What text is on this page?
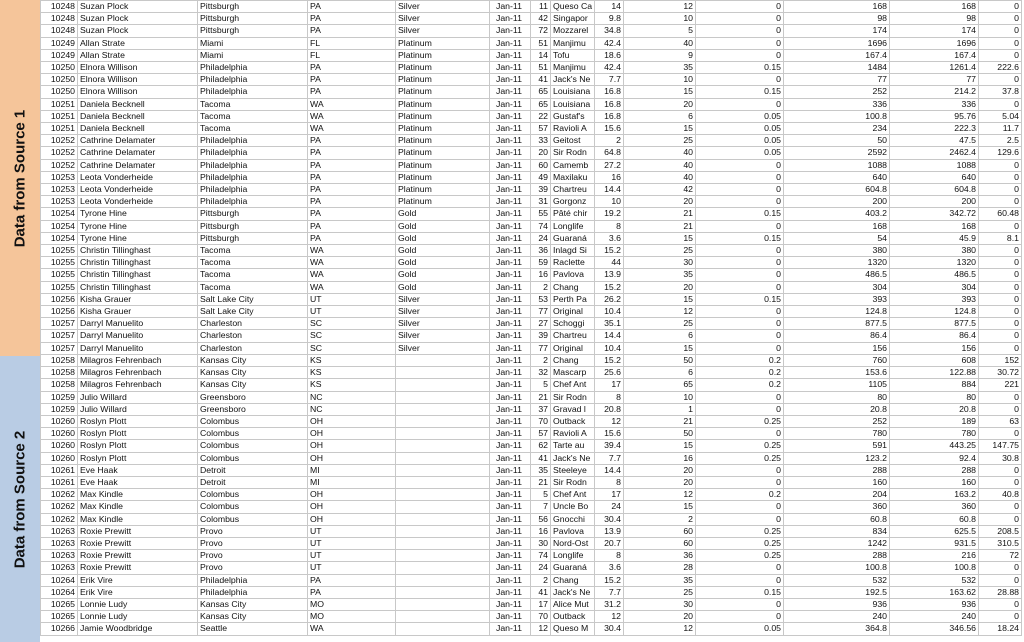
Data from Source 1
Data from Source 2
10248	Suzan Plock	Pittsburgh	PA	Silver	Jan-11	11	Queso Ca	14	12	0	168	168	0
10248	Suzan Plock	Pittsburgh	PA	Silver	Jan-11	42	Singapor	9.8	10	0	98	98	0
10248	Suzan Plock	Pittsburgh	PA	Silver	Jan-11	72	Mozzarel	34.8	5	0	174	174	0
10249	Allan Strate	Miami	FL	Platinum	Jan-11	51	Manjimu	42.4	40	0	1696	1696	0
10249	Allan Strate	Miami	FL	Platinum	Jan-11	14	Tofu	18.6	9	0	167.4	167.4	0
10250	Elnora Willison	Philadelphia	PA	Platinum	Jan-11	51	Manjimu	42.4	35	0.15	1484	1261.4	222.6
10250	Elnora Willison	Philadelphia	PA	Platinum	Jan-11	41	Jack's Ne	7.7	10	0	77	77	0
10250	Elnora Willison	Philadelphia	PA	Platinum	Jan-11	65	Louisiana	16.8	15	0.15	252	214.2	37.8
10251	Daniela Becknell	Tacoma	WA	Platinum	Jan-11	65	Louisiana	16.8	20	0	336	336	0
10251	Daniela Becknell	Tacoma	WA	Platinum	Jan-11	22	Gustaf's	16.8	6	0.05	100.8	95.76	5.04
10251	Daniela Becknell	Tacoma	WA	Platinum	Jan-11	57	Ravioli A	15.6	15	0.05	234	222.3	11.7
10252	Cathrine Delamater	Philadelphia	PA	Platinum	Jan-11	33	Geitost	2	25	0.05	50	47.5	2.5
10252	Cathrine Delamater	Philadelphia	PA	Platinum	Jan-11	20	Sir Rodn	64.8	40	0.05	2592	2462.4	129.6
10252	Cathrine Delamater	Philadelphia	PA	Platinum	Jan-11	60	Camemb	27.2	40	0	1088	1088	0
10253	Leota Vonderheide	Philadelphia	PA	Platinum	Jan-11	49	Maxilaku	16	40	0	640	640	0
10253	Leota Vonderheide	Philadelphia	PA	Platinum	Jan-11	39	Chartreu	14.4	42	0	604.8	604.8	0
10253	Leota Vonderheide	Philadelphia	PA	Platinum	Jan-11	31	Gorgonz	10	20	0	200	200	0
10254	Tyrone Hine	Pittsburgh	PA	Gold	Jan-11	55	Pâté chir	19.2	21	0.15	403.2	342.72	60.48
10254	Tyrone Hine	Pittsburgh	PA	Gold	Jan-11	74	Longlife	8	21	0	168	168	0
10254	Tyrone Hine	Pittsburgh	PA	Gold	Jan-11	24	Guaraná	3.6	15	0.15	54	45.9	8.1
10255	Christin Tillinghast	Tacoma	WA	Gold	Jan-11	36	Inlagd Si	15.2	25	0	380	380	0
10255	Christin Tillinghast	Tacoma	WA	Gold	Jan-11	59	Raclette	44	30	0	1320	1320	0
10255	Christin Tillinghast	Tacoma	WA	Gold	Jan-11	16	Pavlova	13.9	35	0	486.5	486.5	0
10255	Christin Tillinghast	Tacoma	WA	Gold	Jan-11	2	Chang	15.2	20	0	304	304	0
10256	Kisha Grauer	Salt Lake City	UT	Silver	Jan-11	53	Perth Pa	26.2	15	0.15	393	393	0
10256	Kisha Grauer	Salt Lake City	UT	Silver	Jan-11	77	Original	10.4	12	0	124.8	124.8	0
10257	Darryl Manuelito	Charleston	SC	Silver	Jan-11	27	Schoggi	35.1	25	0	877.5	877.5	0
10257	Darryl Manuelito	Charleston	SC	Silver	Jan-11	39	Chartreu	14.4	6	0	86.4	86.4	0
10257	Darryl Manuelito	Charleston	SC	Silver	Jan-11	77	Original	10.4	15	0	156	156	0
10258	Milagros Fehrenbach	Kansas City	KS		Jan-11	2	Chang	15.2	50	0.2	760	608	152
10258	Milagros Fehrenbach	Kansas City	KS		Jan-11	32	Mascarp	25.6	6	0.2	153.6	122.88	30.72
10258	Milagros Fehrenbach	Kansas City	KS		Jan-11	5	Chef Ant	17	65	0.2	1105	884	221
10259	Julio Willard	Greensboro	NC		Jan-11	21	Sir Rodn	8	10	0	80	80	0
10259	Julio Willard	Greensboro	NC		Jan-11	37	Gravad l	20.8	1	0	20.8	20.8	0
10260	Roslyn Plott	Colombus	OH		Jan-11	70	Outback	12	21	0.25	252	189	63
10260	Roslyn Plott	Colombus	OH		Jan-11	57	Ravioli A	15.6	50	0	780	780	0
10260	Roslyn Plott	Colombus	OH		Jan-11	62	Tarte au	39.4	15	0.25	591	443.25	147.75
10260	Roslyn Plott	Colombus	OH		Jan-11	41	Jack's Ne	7.7	16	0.25	123.2	92.4	30.8
10261	Eve Haak	Detroit	MI		Jan-11	35	Steeleye	14.4	20	0	288	288	0
10261	Eve Haak	Detroit	MI		Jan-11	21	Sir Rodn	8	20	0	160	160	0
10262	Max Kindle	Colombus	OH		Jan-11	5	Chef Ant	17	12	0.2	204	163.2	40.8
10262	Max Kindle	Colombus	OH		Jan-11	7	Uncle Bo	24	15	0	360	360	0
10262	Max Kindle	Colombus	OH		Jan-11	56	Gnocchi	30.4	2	0	60.8	60.8	0
10263	Roxie Prewitt	Provo	UT		Jan-11	16	Pavlova	13.9	60	0.25	834	625.5	208.5
10263	Roxie Prewitt	Provo	UT		Jan-11	30	Nord-Ost	20.7	60	0.25	1242	931.5	310.5
10263	Roxie Prewitt	Provo	UT		Jan-11	74	Longlife	8	36	0.25	288	216	72
10263	Roxie Prewitt	Provo	UT		Jan-11	24	Guaraná	3.6	28	0	100.8	100.8	0
10264	Erik Vire	Philadelphia	PA		Jan-11	2	Chang	15.2	35	0	532	532	0
10264	Erik Vire	Philadelphia	PA		Jan-11	41	Jack's Ne	7.7	25	0.15	192.5	163.62	28.88
10265	Lonnie Ludy	Kansas City	MO		Jan-11	17	Alice Mut	31.2	30	0	936	936	0
10265	Lonnie Ludy	Kansas City	MO		Jan-11	70	Outback	12	20	0	240	240	0
10266	Jamie Woodbridge	Seattle	WA		Jan-11	12	Queso M	30.4	12	0.05	364.8	346.56	18.24
